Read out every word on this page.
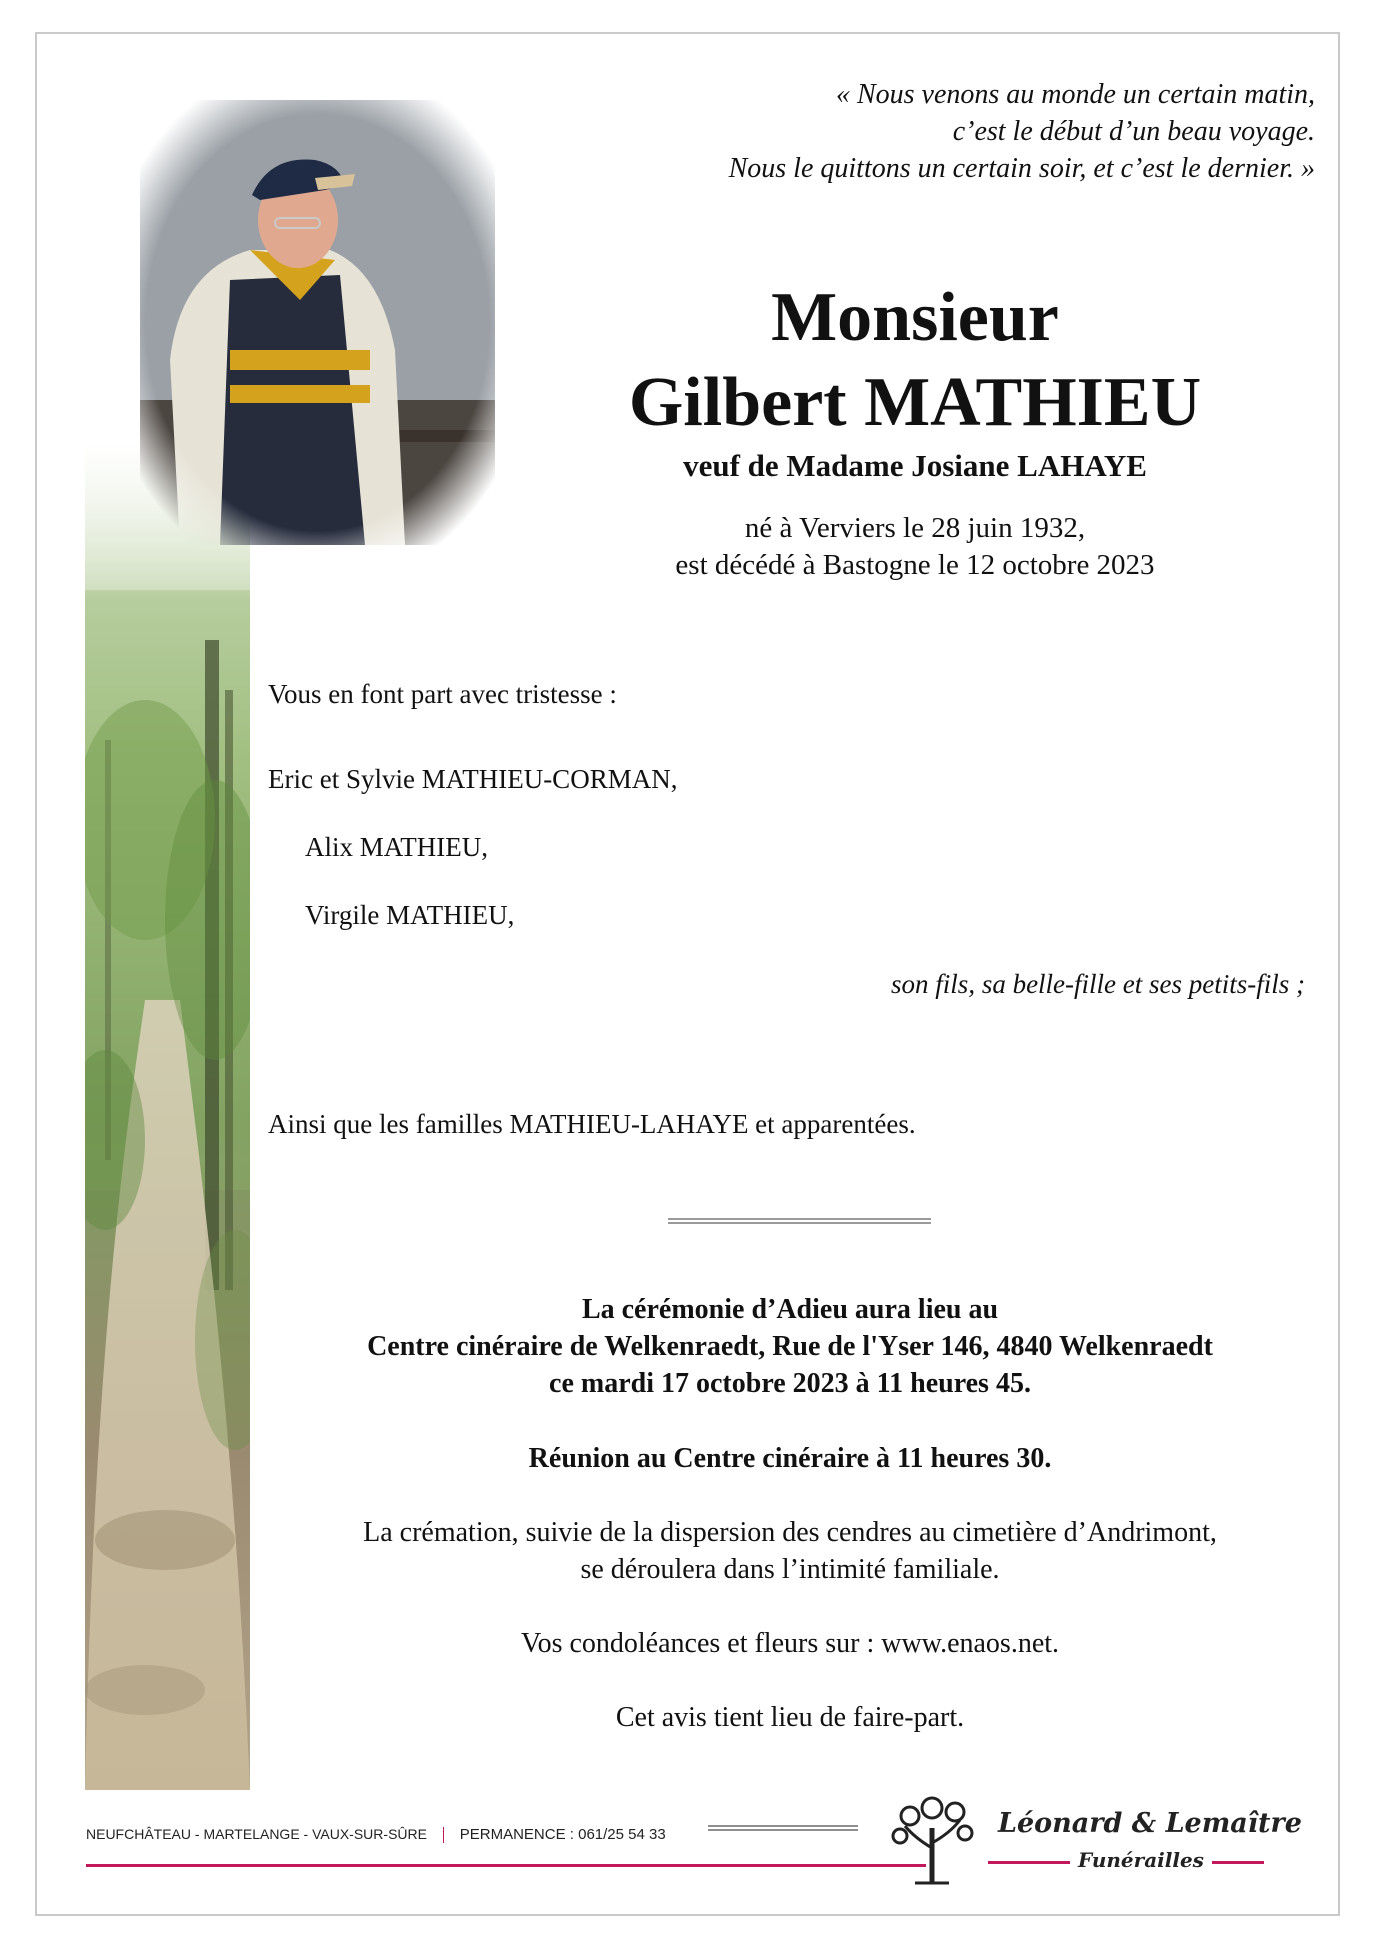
« Nous venons au monde un certain matin,
c’est le début d’un beau voyage.
Nous le quittons un certain soir, et c’est le dernier. »
Monsieur
Gilbert MATHIEU
veuf de Madame Josiane LAHAYE
né à Verviers le 28 juin 1932,
est décédé à Bastogne le 12 octobre 2023
Vous en font part avec tristesse :
Eric et Sylvie MATHIEU-CORMAN,
Alix MATHIEU,
Virgile MATHIEU,
son fils, sa belle-fille et ses petits-fils ;
Ainsi que les familles MATHIEU-LAHAYE et apparentées.
La cérémonie d’Adieu aura lieu au
Centre cinéraire de Welkenraedt, Rue de l'Yser 146, 4840 Welkenraedt
ce mardi 17 octobre 2023 à 11 heures 45.
Réunion au Centre cinéraire à 11 heures 30.
La crémation, suivie de la dispersion des cendres au cimetière d’Andrimont,
se déroulera dans l’intimité familiale.
Vos condoléances et fleurs sur : www.enaos.net.
Cet avis tient lieu de faire-part.
NEUFCHÂTEAU - MARTELANGE - VAUX-SUR-SÛRE PERMANENCE : 061/25 54 33	Léonard & Lemaître
Funérailles
